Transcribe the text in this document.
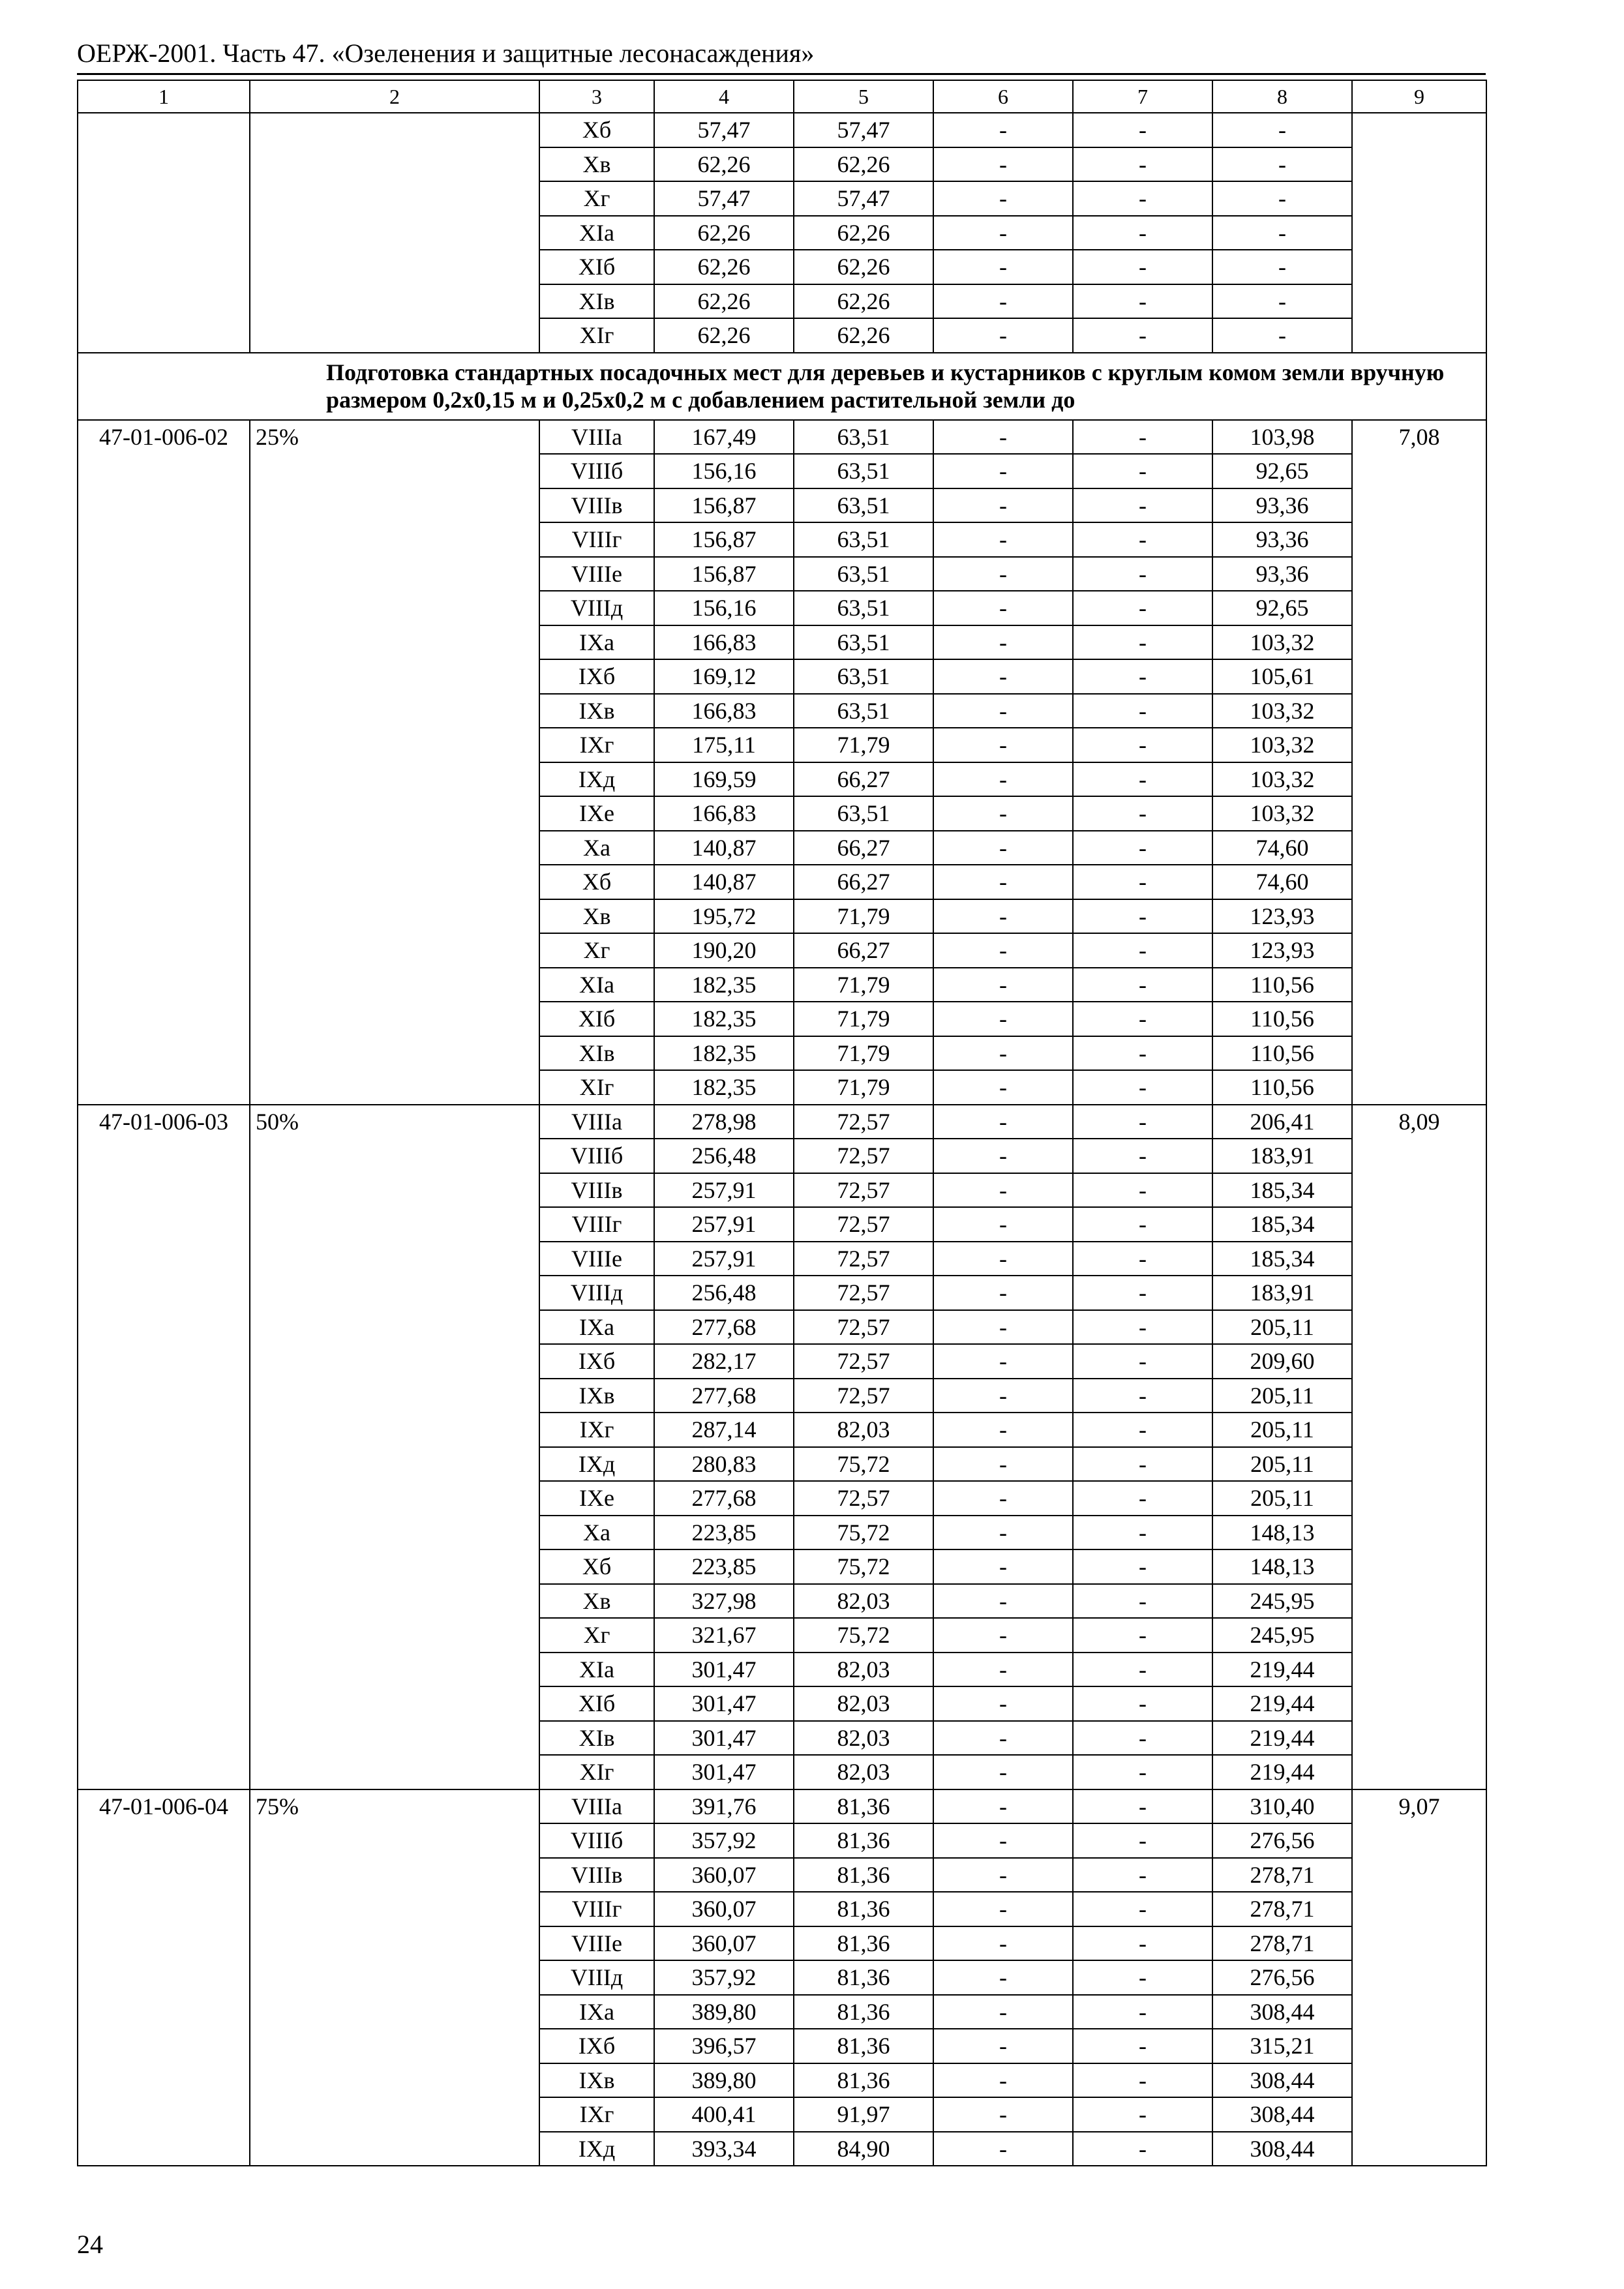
ОЕРЖ-2001. Часть 47. «Озеленения и защитные лесонасаждения»
1	2	3	4	5	6	7	8	9
		Xб	57,47	57,47	-	-	-	
		Xв	62,26	62,26	-	-	-	
		Xг	57,47	57,47	-	-	-	
		XIа	62,26	62,26	-	-	-	
		XIб	62,26	62,26	-	-	-	
		XIв	62,26	62,26	-	-	-	
		XIг	62,26	62,26	-	-	-	
Подготовка стандартных посадочных мест для деревьев и кустарников с круглым комом земли вручную размером 0,2x0,15 м и 0,25x0,2 м с добавлением растительной земли до								
47-01-006-02	25%	VIIIа	167,49	63,51	-	-	103,98	7,08
		VIIIб	156,16	63,51	-	-	92,65	
		VIIIв	156,87	63,51	-	-	93,36	
		VIIIг	156,87	63,51	-	-	93,36	
		VIIIе	156,87	63,51	-	-	93,36	
		VIIIд	156,16	63,51	-	-	92,65	
		IXа	166,83	63,51	-	-	103,32	
		IXб	169,12	63,51	-	-	105,61	
		IXв	166,83	63,51	-	-	103,32	
		IXг	175,11	71,79	-	-	103,32	
		IXд	169,59	66,27	-	-	103,32	
		IXе	166,83	63,51	-	-	103,32	
		Xа	140,87	66,27	-	-	74,60	
		Xб	140,87	66,27	-	-	74,60	
		Xв	195,72	71,79	-	-	123,93	
		Xг	190,20	66,27	-	-	123,93	
		XIа	182,35	71,79	-	-	110,56	
		XIб	182,35	71,79	-	-	110,56	
		XIв	182,35	71,79	-	-	110,56	
		XIг	182,35	71,79	-	-	110,56	
47-01-006-03	50%	VIIIа	278,98	72,57	-	-	206,41	8,09
		VIIIб	256,48	72,57	-	-	183,91	
		VIIIв	257,91	72,57	-	-	185,34	
		VIIIг	257,91	72,57	-	-	185,34	
		VIIIе	257,91	72,57	-	-	185,34	
		VIIIд	256,48	72,57	-	-	183,91	
		IXа	277,68	72,57	-	-	205,11	
		IXб	282,17	72,57	-	-	209,60	
		IXв	277,68	72,57	-	-	205,11	
		IXг	287,14	82,03	-	-	205,11	
		IXд	280,83	75,72	-	-	205,11	
		IXе	277,68	72,57	-	-	205,11	
		Xа	223,85	75,72	-	-	148,13	
		Xб	223,85	75,72	-	-	148,13	
		Xв	327,98	82,03	-	-	245,95	
		Xг	321,67	75,72	-	-	245,95	
		XIа	301,47	82,03	-	-	219,44	
		XIб	301,47	82,03	-	-	219,44	
		XIв	301,47	82,03	-	-	219,44	
		XIг	301,47	82,03	-	-	219,44	
47-01-006-04	75%	VIIIа	391,76	81,36	-	-	310,40	9,07
		VIIIб	357,92	81,36	-	-	276,56	
		VIIIв	360,07	81,36	-	-	278,71	
		VIIIг	360,07	81,36	-	-	278,71	
		VIIIе	360,07	81,36	-	-	278,71	
		VIIIд	357,92	81,36	-	-	276,56	
		IXа	389,80	81,36	-	-	308,44	
		IXб	396,57	81,36	-	-	315,21	
		IXв	389,80	81,36	-	-	308,44	
		IXг	400,41	91,97	-	-	308,44	
		IXд	393,34	84,90	-	-	308,44	
24
